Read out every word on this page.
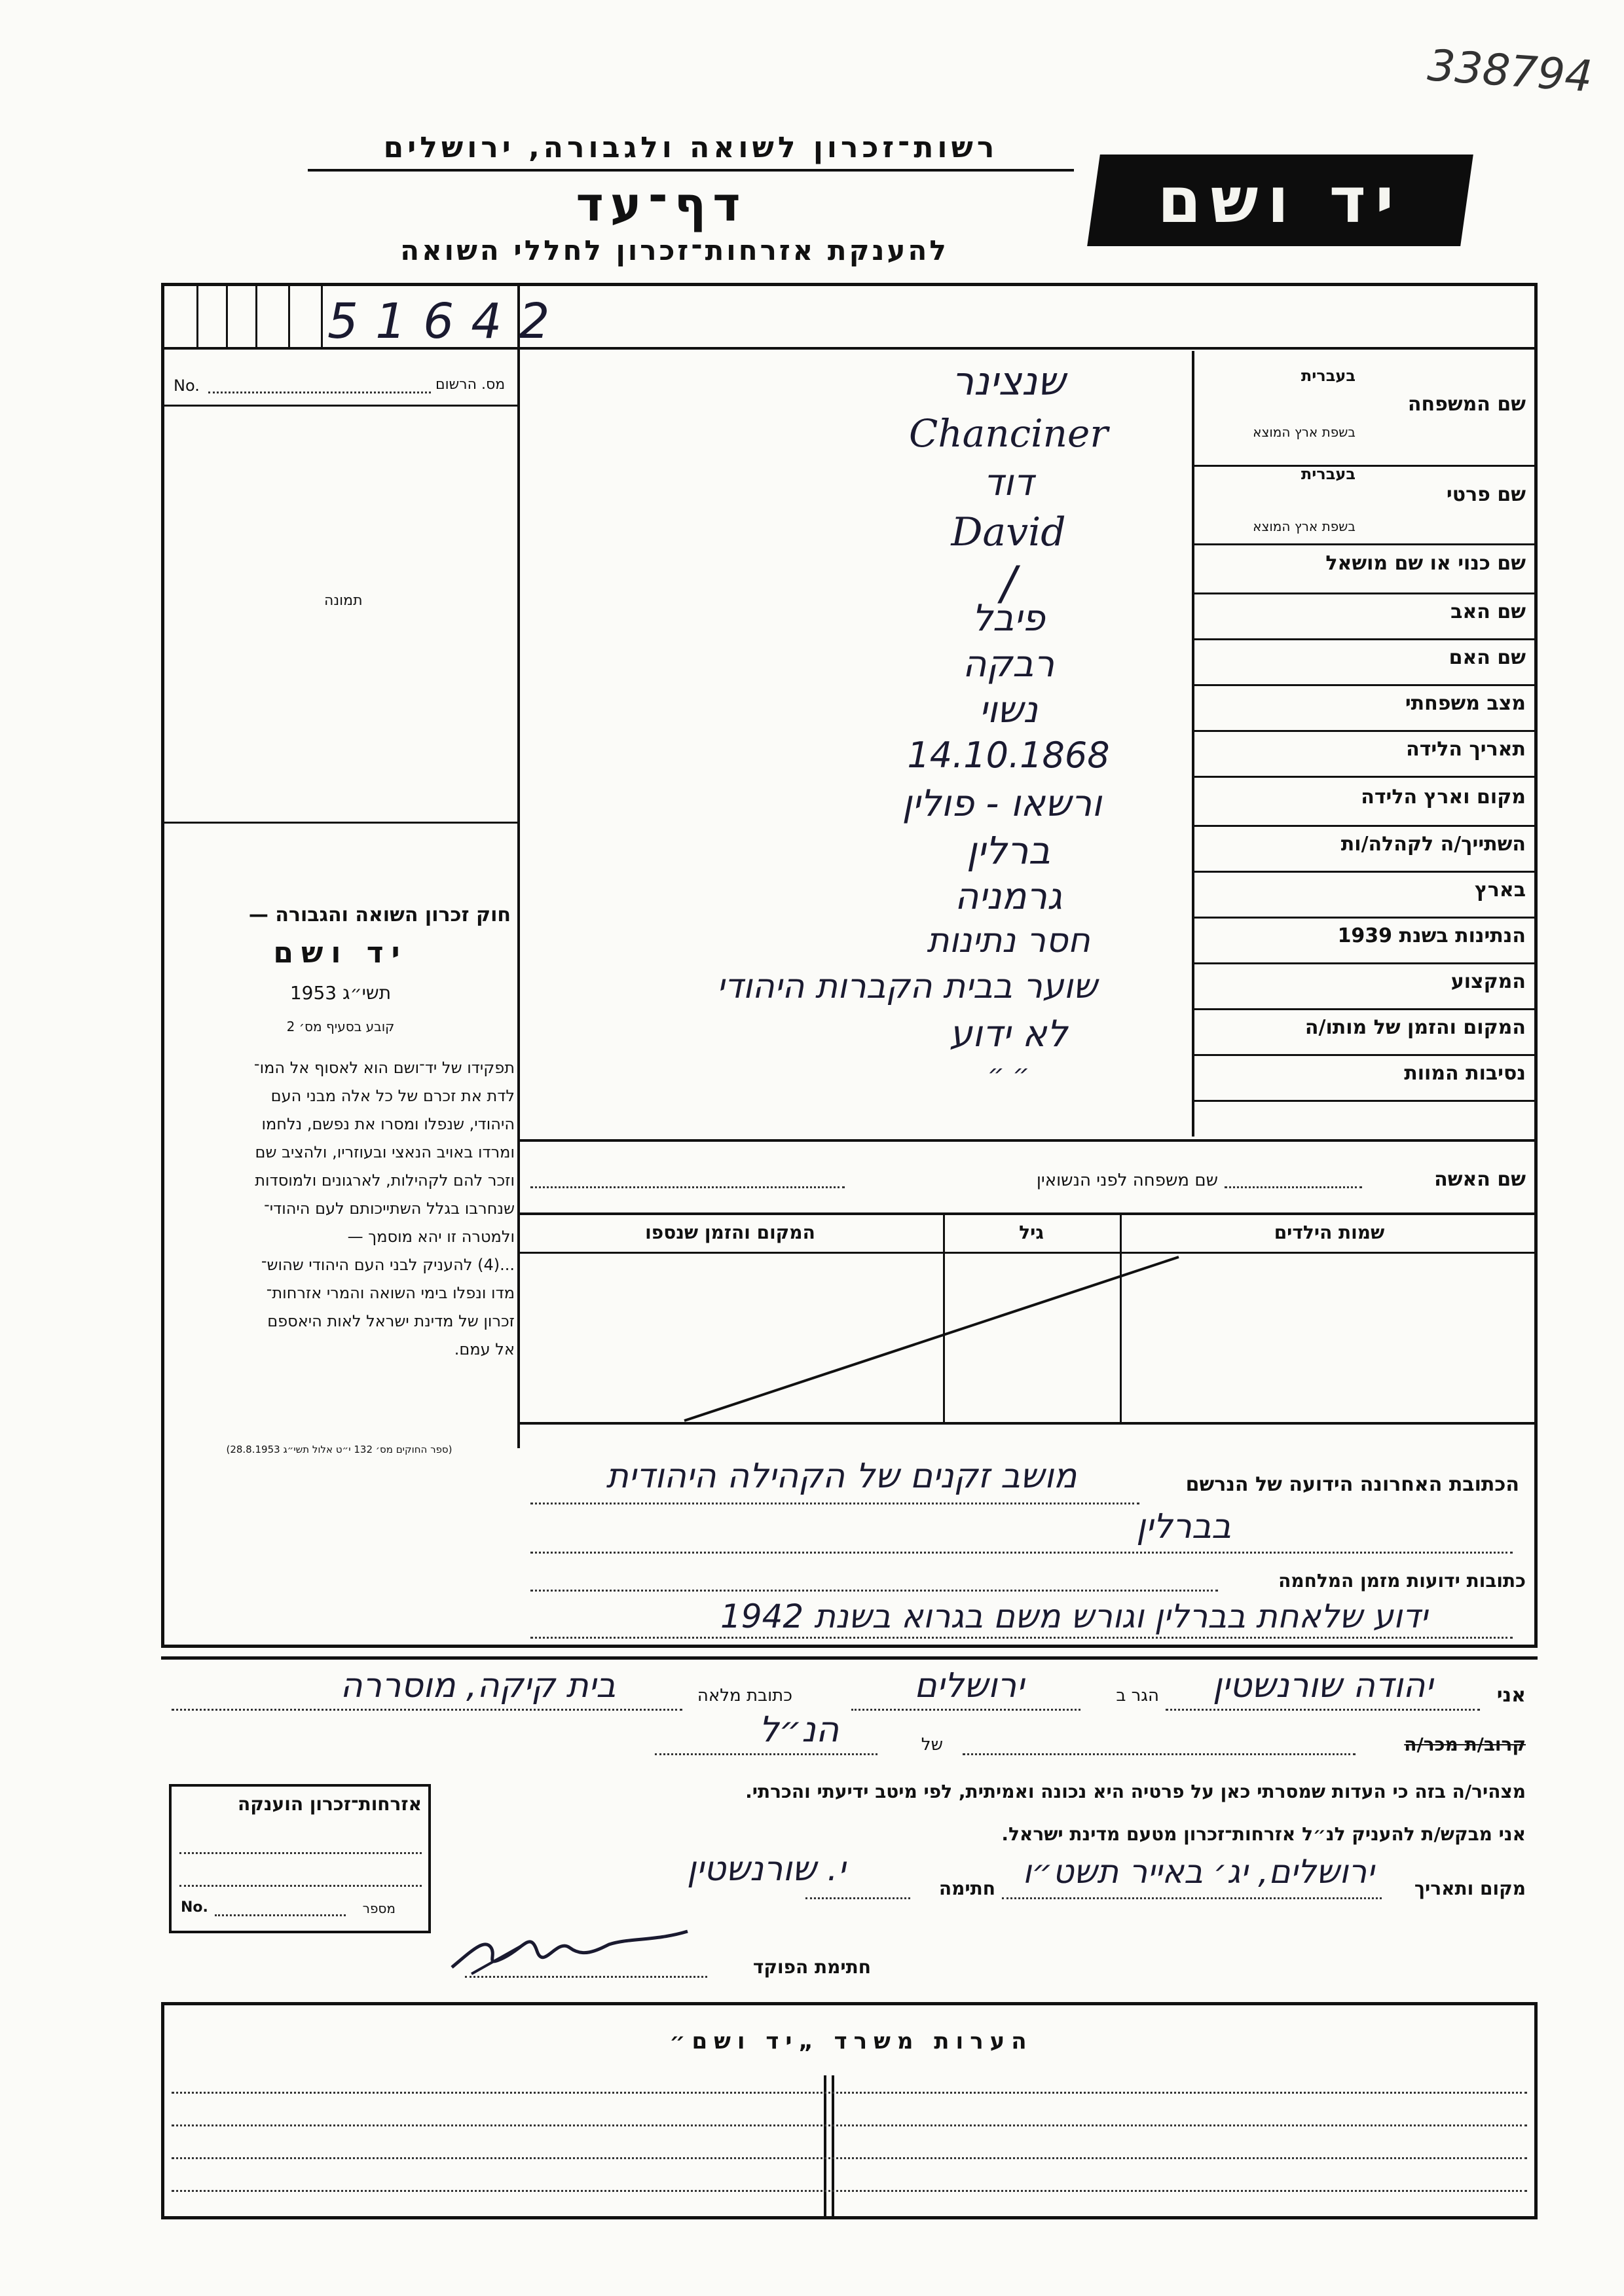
338794
רשות־זכרון לשואה ולגבורה, ירושלים
דף־עד
להענקת אזרחות־זכרון לחללי השואה
יד ושם
51642
No.	מס. הרשום
תמונה
חוק זכרון השואה והגבורה —
יד ושם
תשי״ג 1953
קובע בסעיף מס׳ 2
תפקידו של יד־ושם הוא לאסוף אל המו־
לדת את זכרם של כל אלה מבני העם
היהודי, שנפלו ומסרו את נפשם, נלחמו
ומרדו באויב הנאצי ובעוזריו, ולהציב שם
וזכר להם לקהילות, לארגונים ולמוסדות
שנחרבו בגלל השתייכותם לעם היהודי־
ולמטרה זו יהא מוסמך —
...(4) להעניק לבני העם היהודי שהוש־
מדו ונפלו בימי השואה והמרי אזרחות־
זכרון של מדינת ישראל לאות היאספם
אל עמם.
(ספר החוקים מס׳ 132 י״ט אלול תשי״ג 28.8.1953)
שם המשפחה
בעברית
בשפת ארץ המוצא
שנצינר
Chanciner
שם פרטי
בעברית
בשפת ארץ המוצא
דוד
David
שם כנוי או שם מושאל
/
שם האב
פיבל
שם האם
רבקה
מצב משפחתי
נשוי
תאריך הלידה
14.10.1868
מקום וארץ הלידה
ורשאו - פולין
השתייך/ה לקהלה/ות
ברלין
בארץ
גרמניה
הנתינות בשנת 1939
חסר נתינות
המקצוע
שוער בבית הקברות היהודי
המקום והזמן של מותו/ה
לא ידוע
נסיבות המוות
״ ״
שם האשה
שם משפחה לפני הנשואין
שמות הילדים
גיל
המקום והזמן שנספו
הכתובת האחרונה הידועה של הנרשם
מושב זקנים של הקהילה היהודית
בברלין
כתובות ידועות מזמן המלחמה
ידוע שלאחת בברלין וגורש משם בגרוא בשנת 1942
אני
יהודה שורנשטין
הגר ב
ירושלים
כתובת מלאה
בית קיקה, מוסררה
קרוב/ת מכר/ה
של
הנ״ל
מצהיר/ה בזה כי העדות שמסרתי כאן על פרטיה היא נכונה ואמיתית, לפי מיטב ידיעתי והכרתי.
אני מבקש/ת להעניק לנ״ל אזרחות־זכרון מטעם מדינת ישראל.
מקום ותאריך
ירושלים, יג׳ באייר תשט״ו
חתימה
י. שורנשטין
חתימת הפוקד
אזרחות־זכרון הוענקה
No.	מספר
הערות משרד „יד ושם״
